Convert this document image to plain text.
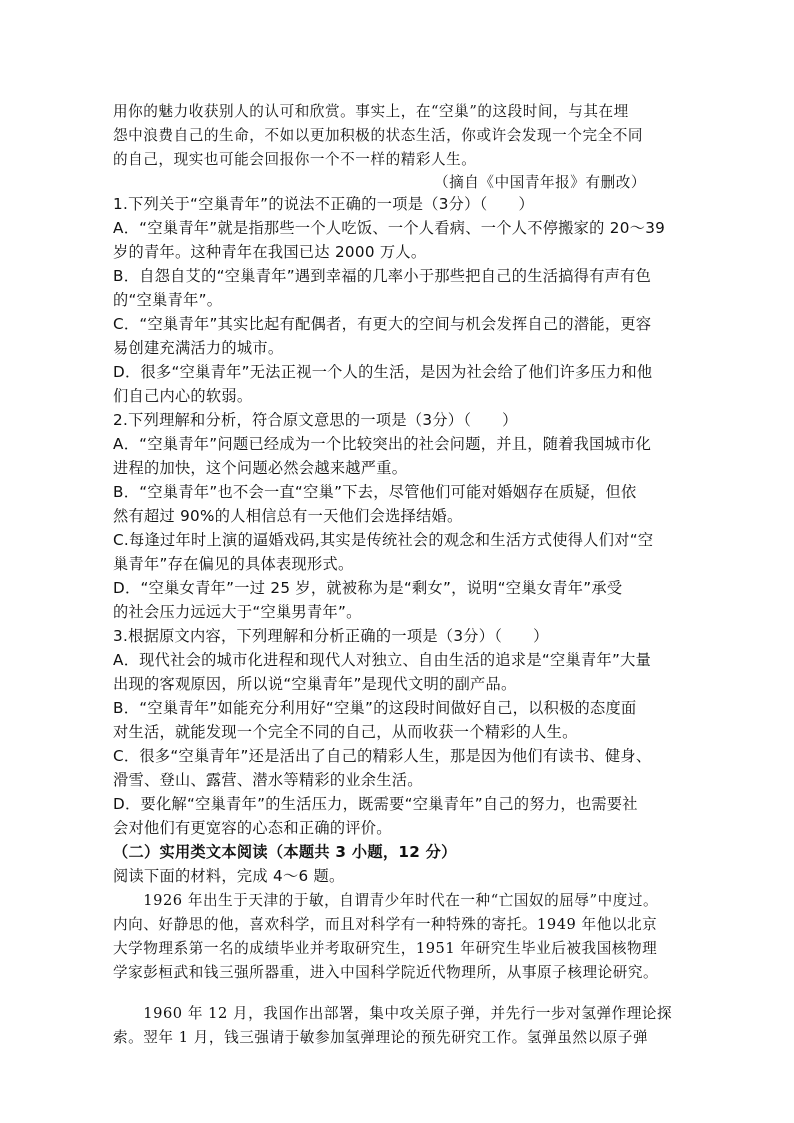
用你的魅力收获别人的认可和欣赏。事实上，在“空巢”的这段时间，与其在埋
怨中浪费自己的生命，不如以更加积极的状态生活，你或许会发现一个完全不同
的自己，现实也可能会回报你一个不一样的精彩人生。
（摘自《中国青年报》有删改）
1.下列关于“空巢青年”的说法不正确的一项是（3分）（　　）
A．“空巢青年”就是指那些一个人吃饭、一个人看病、一个人不停搬家的 20～39
岁的青年。这种青年在我国已达 2000 万人。
B．自怨自艾的“空巢青年”遇到幸福的几率小于那些把自己的生活搞得有声有色
的“空巢青年”。
C．“空巢青年”其实比起有配偶者，有更大的空间与机会发挥自己的潜能，更容
易创建充满活力的城市。
D．很多“空巢青年”无法正视一个人的生活，是因为社会给了他们许多压力和他
们自己内心的软弱。
2.下列理解和分析，符合原文意思的一项是（3分）（　　）
A．“空巢青年”问题已经成为一个比较突出的社会问题，并且，随着我国城市化
进程的加快，这个问题必然会越来越严重。
B．“空巢青年”也不会一直“空巢”下去，尽管他们可能对婚姻存在质疑，但依
然有超过 90%的人相信总有一天他们会选择结婚。
C.每逢过年时上演的逼婚戏码,其实是传统社会的观念和生活方式使得人们对“空
巢青年”存在偏见的具体表现形式。
D．“空巢女青年”一过 25 岁，就被称为是“剩女”，说明“空巢女青年”承受
的社会压力远远大于“空巢男青年”。
3.根据原文内容，下列理解和分析正确的一项是（3分）（　　）
A．现代社会的城市化进程和现代人对独立、自由生活的追求是“空巢青年”大量
出现的客观原因，所以说“空巢青年”是现代文明的副产品。
B．“空巢青年”如能充分利用好“空巢”的这段时间做好自己，以积极的态度面
对生活，就能发现一个完全不同的自己，从而收获一个精彩的人生。
C．很多“空巢青年”还是活出了自己的精彩人生，那是因为他们有读书、健身、
滑雪、登山、露营、潜水等精彩的业余生活。
D．要化解“空巢青年”的生活压力，既需要“空巢青年”自己的努力，也需要社
会对他们有更宽容的心态和正确的评价。
（二）实用类文本阅读（本题共 3 小题，12 分）
阅读下面的材料，完成 4～6 题。
　　1926 年出生于天津的于敏，自谓青少年时代在一种“亡国奴的屈辱”中度过。
内向、好静思的他，喜欢科学，而且对科学有一种特殊的寄托。1949 年他以北京
大学物理系第一名的成绩毕业并考取研究生，1951 年研究生毕业后被我国核物理
学家彭桓武和钱三强所器重，进入中国科学院近代物理所，从事原子核理论研究。
　　1960 年 12 月，我国作出部署，集中攻关原子弹，并先行一步对氢弹作理论探
索。翌年 1 月，钱三强请于敏参加氢弹理论的预先研究工作。氢弹虽然以原子弹
